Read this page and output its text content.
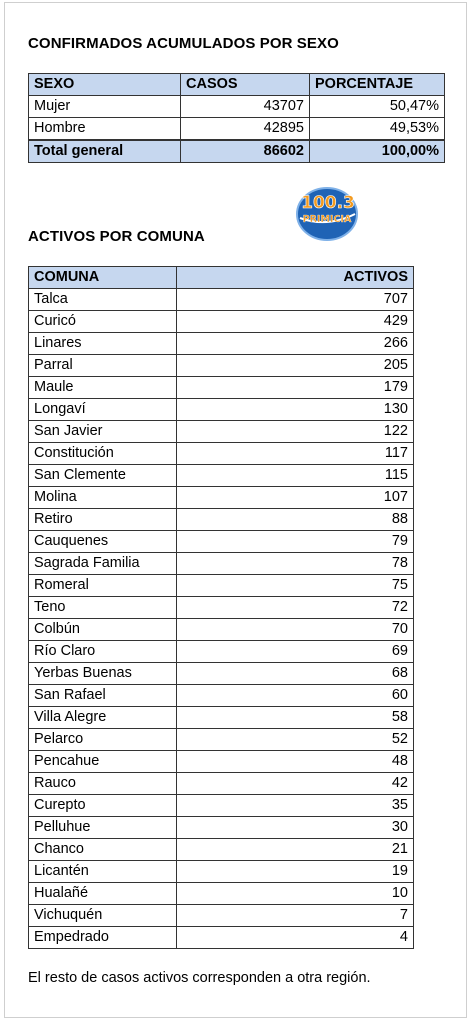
CONFIRMADOS ACUMULADOS POR SEXO
SEXO	CASOS	PORCENTAJE
Mujer	43707	50,47%
Hombre	42895	49,53%
Total general	86602	100,00%
100.3
PRIMICIA
ACTIVOS POR COMUNA
COMUNA	ACTIVOS
Talca	707
Curicó	429
Linares	266
Parral	205
Maule	179
Longaví	130
San Javier	122
Constitución	117
San Clemente	115
Molina	107
Retiro	88
Cauquenes	79
Sagrada Familia	78
Romeral	75
Teno	72
Colbún	70
Río Claro	69
Yerbas Buenas	68
San Rafael	60
Villa Alegre	58
Pelarco	52
Pencahue	48
Rauco	42
Curepto	35
Pelluhue	30
Chanco	21
Licantén	19
Hualañé	10
Vichuquén	7
Empedrado	4
El resto de casos activos corresponden a otra región.
